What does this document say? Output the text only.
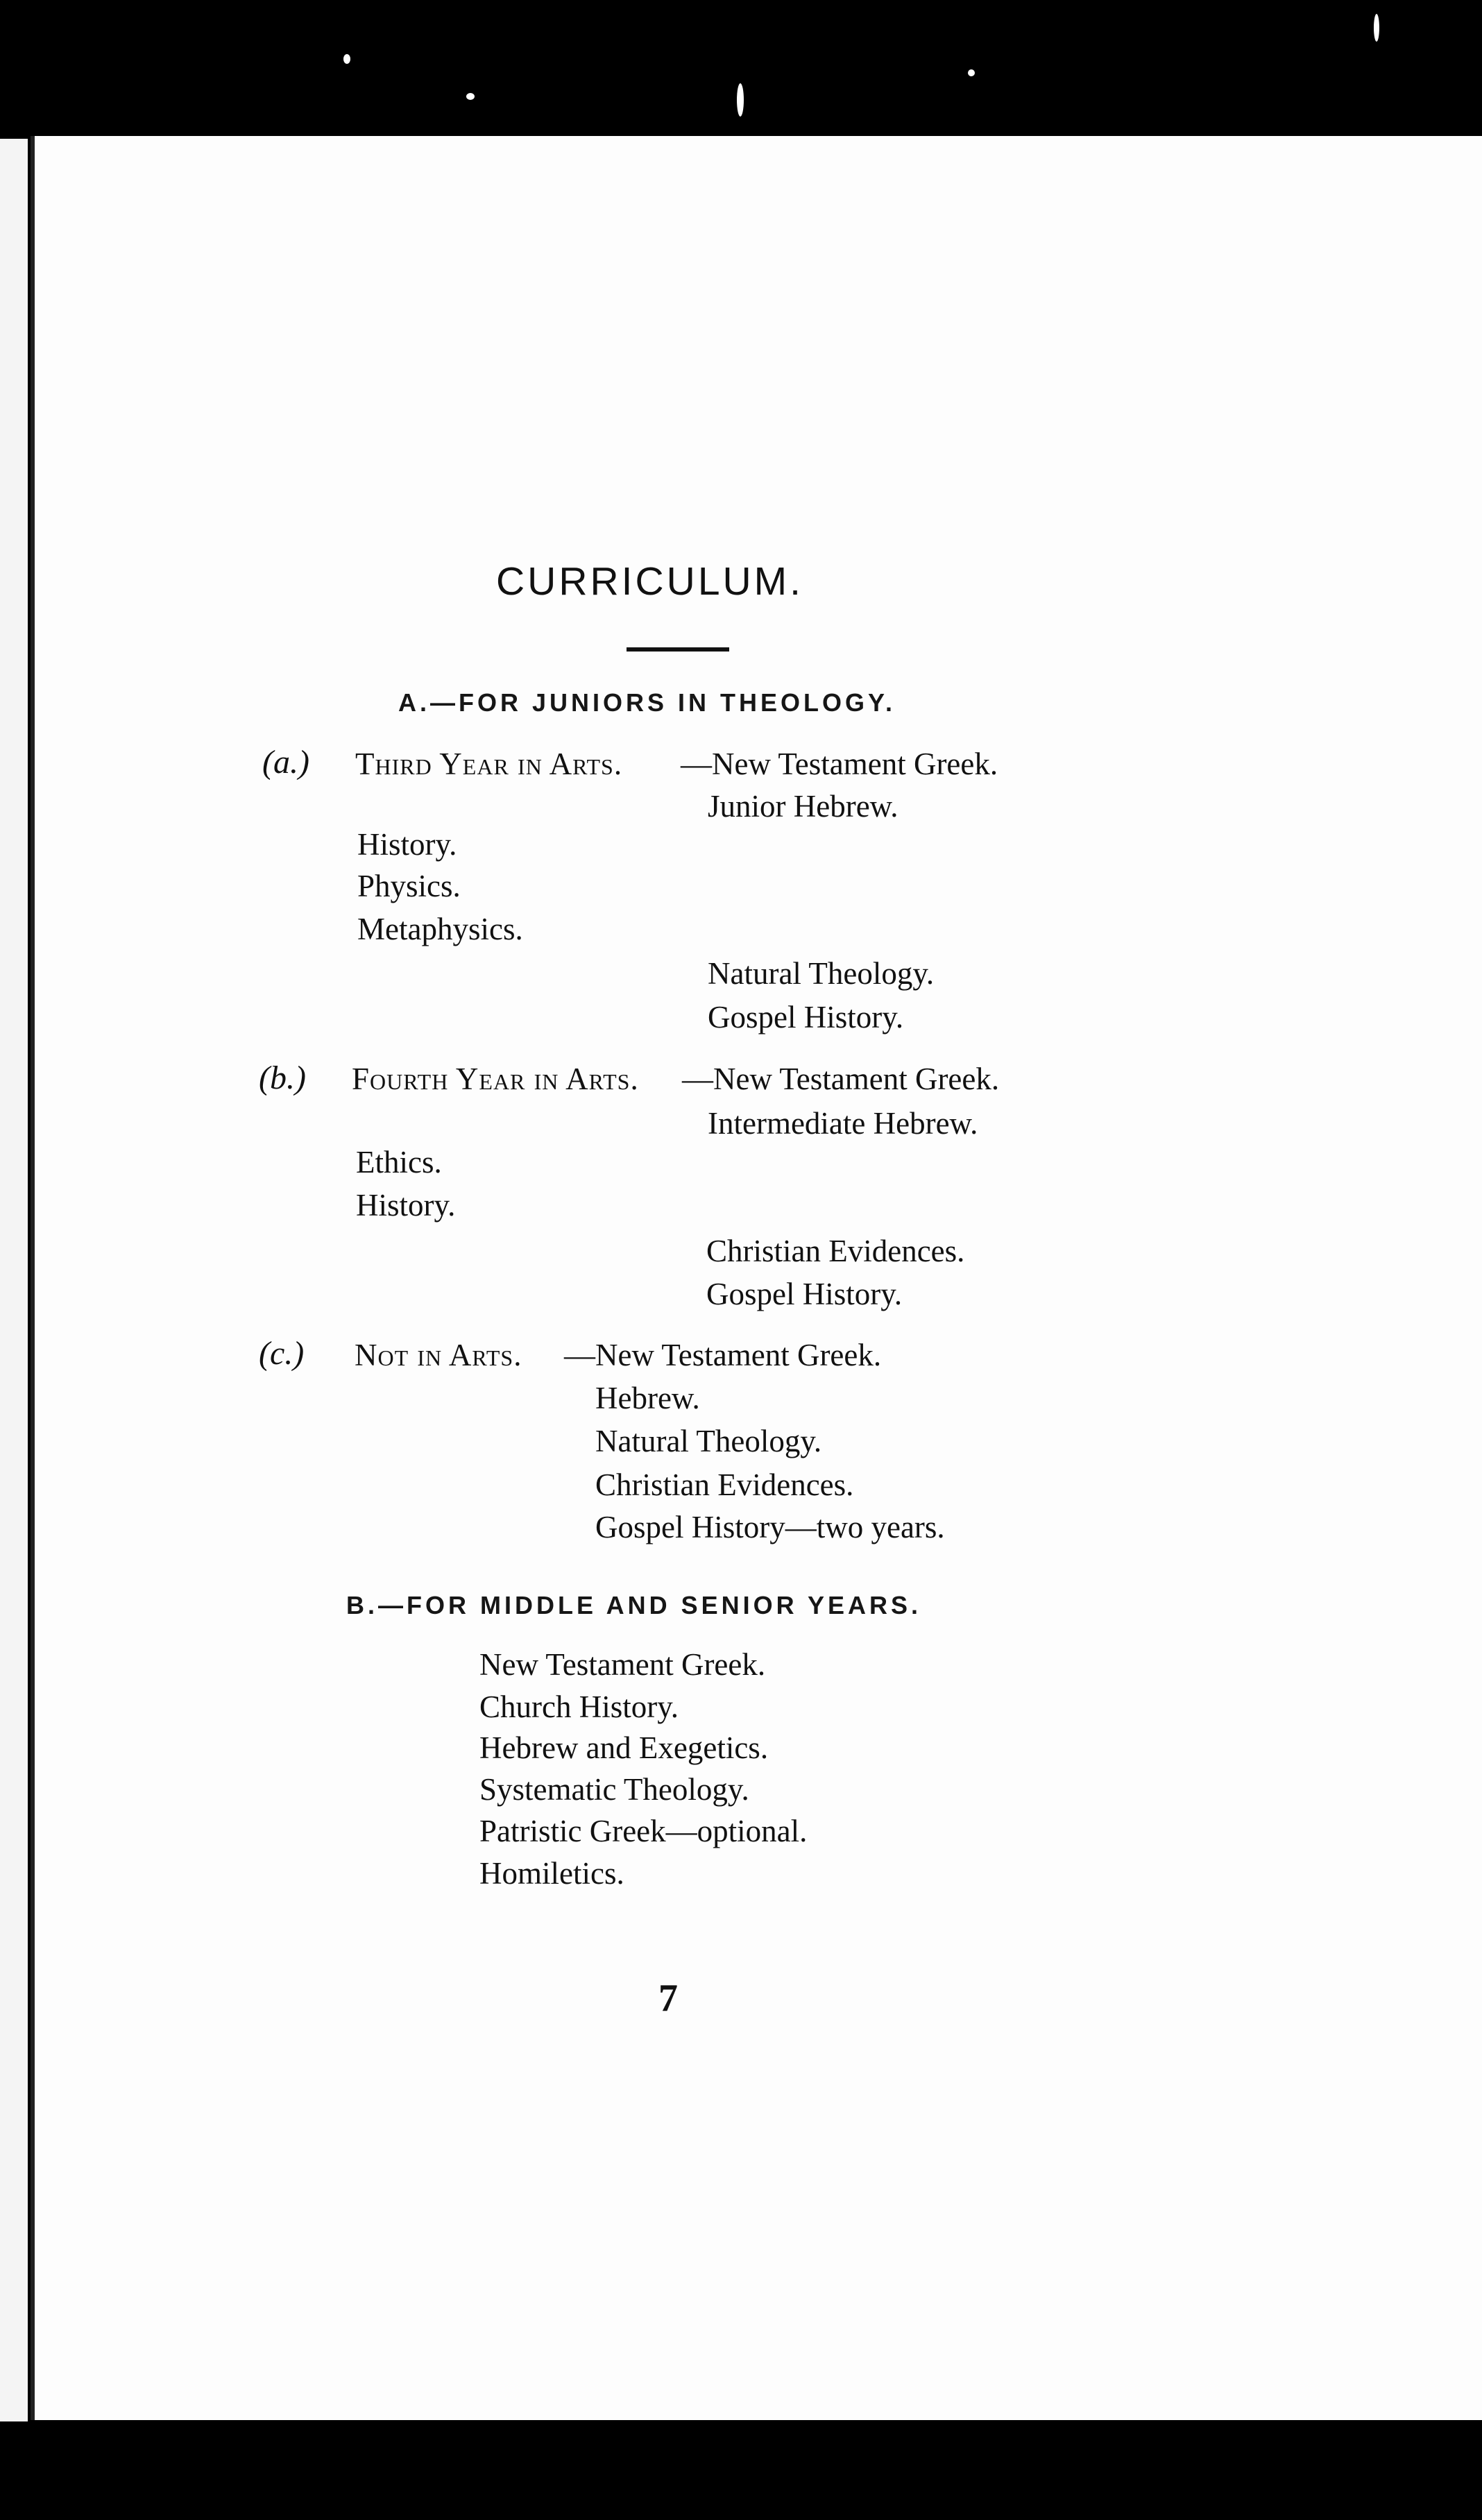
CURRICULUM.
A.—FOR JUNIORS IN THEOLOGY.
(a.) Third Year in Arts. —New Testament Greek.
Junior Hebrew.
History.
Physics.
Metaphysics.
Natural Theology.
Gospel History.
(b.) Fourth Year in Arts. —New Testament Greek.
Intermediate Hebrew.
Ethics.
History.
Christian Evidences.
Gospel History.
(c.) Not in Arts. —New Testament Greek.
Hebrew.
Natural Theology.
Christian Evidences.
Gospel History—two years.
B.—FOR MIDDLE AND SENIOR YEARS.
New Testament Greek.
Church History.
Hebrew and Exegetics.
Systematic Theology.
Patristic Greek—optional.
Homiletics.
7
